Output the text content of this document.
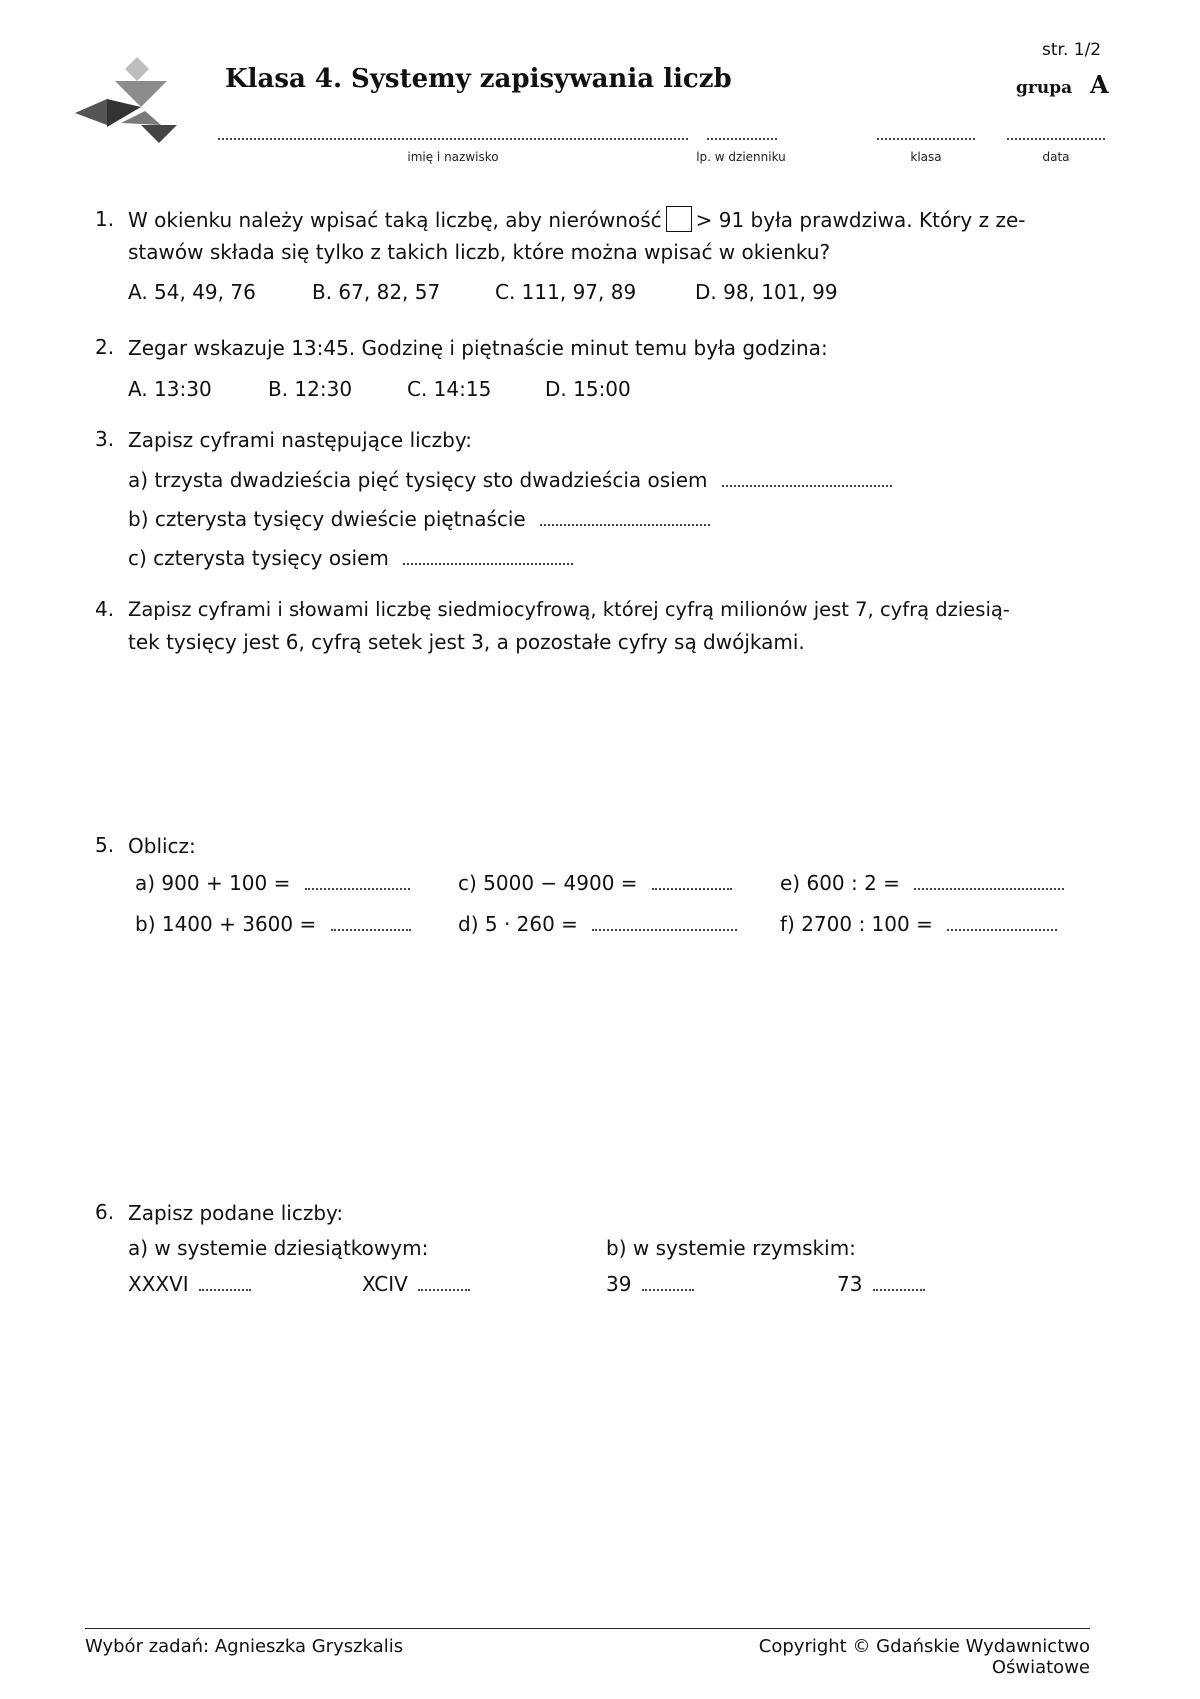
Klasa 4. Systemy zapisywania liczb
str. 1/2
grupa A
imię i nazwisko	lp. w dzienniku	klasa	data
1. W okienku należy wpisać taką liczbę, aby nierówność > 91 była prawdziwa. Który z ze-
stawów składa się tylko z takich liczb, które można wpisać w okienku?
A. 54, 49, 76	B. 67, 82, 57	C. 111, 97, 89	D. 98, 101, 99
2. Zegar wskazuje 13:45. Godzinę i piętnaście minut temu była godzina:
A. 13:30	B. 12:30	C. 14:15	D. 15:00
3. Zapisz cyframi następujące liczby:
a) trzysta dwadzieścia pięć tysięcy sto dwadzieścia osiem
b) czterysta tysięcy dwieście piętnaście
c) czterysta tysięcy osiem
4. Zapisz cyframi i słowami liczbę siedmiocyfrową, której cyfrą milionów jest 7, cyfrą dziesią-
tek tysięcy jest 6, cyfrą setek jest 3, a pozostałe cyfry są dwójkami.
5. Oblicz:
a) 900 + 100 =	c) 5000 − 4900 =	e) 600 : 2 =
b) 1400 + 3600 =	d) 5 · 260 =	f) 2700 : 100 =
6. Zapisz podane liczby:
a) w systemie dziesiątkowym:	b) w systemie rzymskim:
XXXVI	XCIV	39	73
Wybór zadań: Agnieszka Gryszkalis	Copyright © Gdańskie Wydawnictwo Oświatowe
